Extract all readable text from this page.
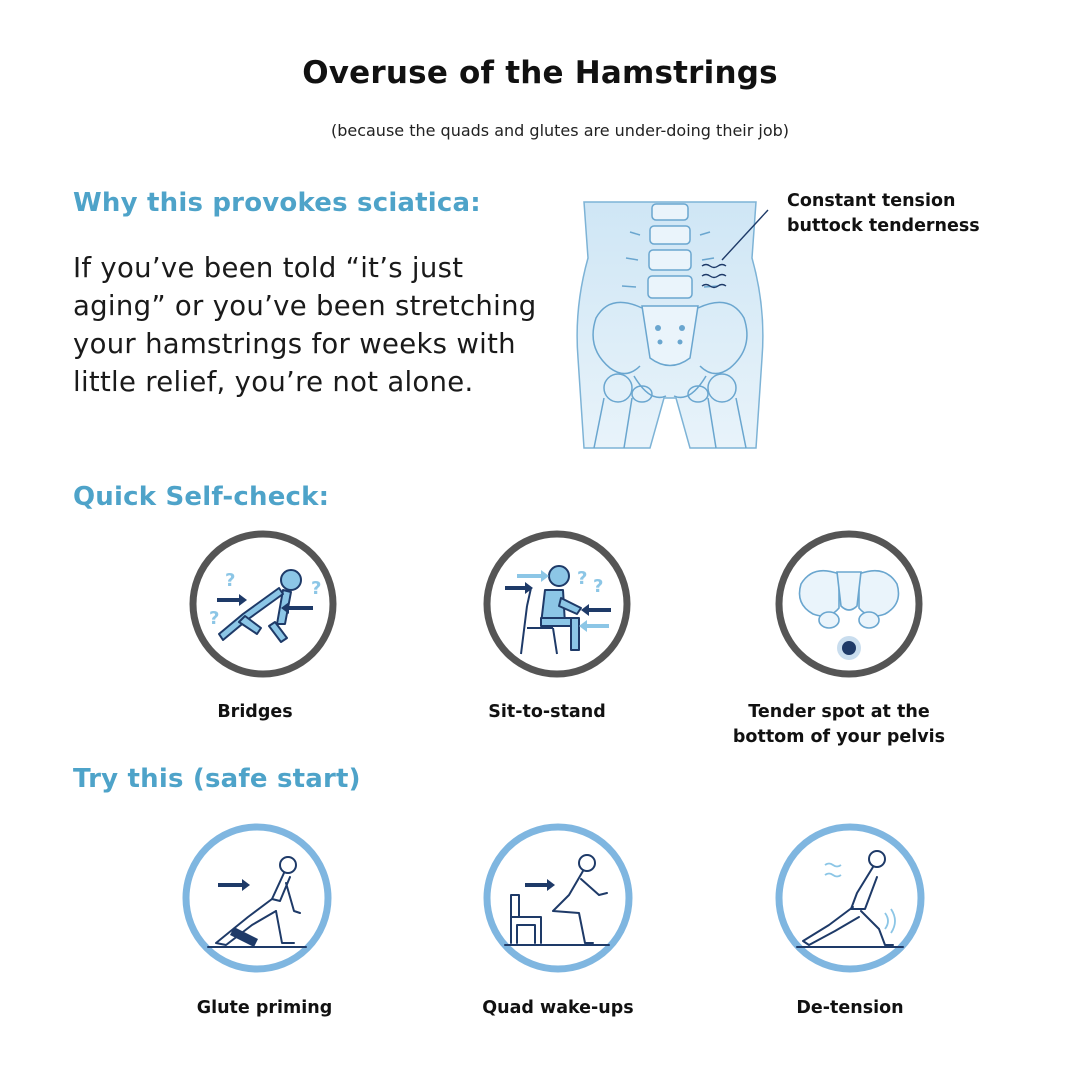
Overuse of the Hamstrings
(because the quads and glutes are under-doing their job)
Why this provokes sciatica:
If you’ve been told “it’s just aging” or you’ve been stretching your hamstrings for weeks with little relief, you’re not alone.
Constant tension
buttock tenderness
Quick Self-check:
?
?
?
Bridges
? ?
Sit-to-stand	Tender spot at the
bottom of your pelvis
Try this (safe start)
Glute priming	Quad wake-ups	De-tension
